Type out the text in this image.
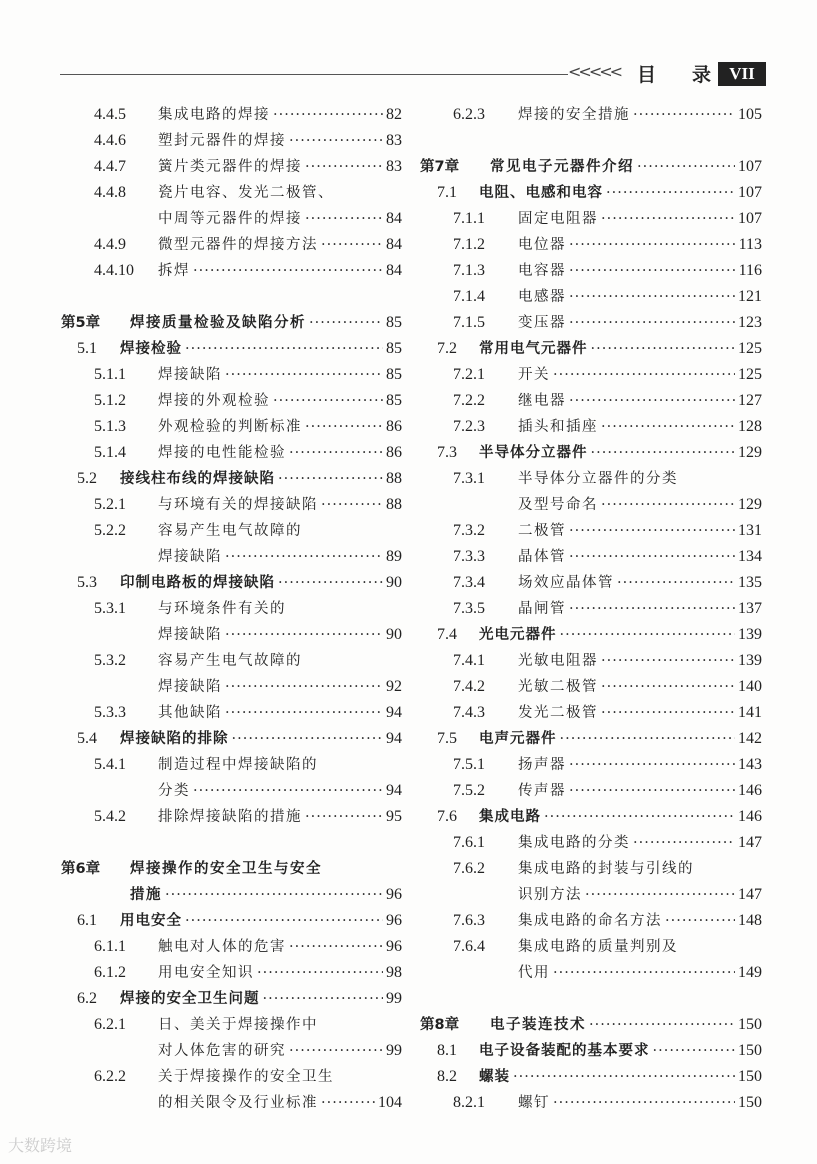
<<<<< 目 录	VII
4.4.5	集成电路的焊接 ·····	82
4.4.6	塑封元器件的焊接 ·····	83
4.4.7	簧片类元器件的焊接 ·····	83
4.4.8	瓷片电容、发光二极管、
中周等元器件的焊接 ·····	84
4.4.9	微型元器件的焊接方法 ·····	84
4.4.10	拆焊 ·····	84
第5章	焊接质量检验及缺陷分析 ·····	85
5.1	焊接检验 ·····	85
5.1.1	焊接缺陷 ·····	85
5.1.2	焊接的外观检验 ·····	85
5.1.3	外观检验的判断标准 ·····	86
5.1.4	焊接的电性能检验 ·····	86
5.2	接线柱布线的焊接缺陷 ·····	88
5.2.1	与环境有关的焊接缺陷 ·····	88
5.2.2	容易产生电气故障的
焊接缺陷 ·····	89
5.3	印制电路板的焊接缺陷 ·····	90
5.3.1	与环境条件有关的
焊接缺陷 ·····	90
5.3.2	容易产生电气故障的
焊接缺陷 ·····	92
5.3.3	其他缺陷 ·····	94
5.4	焊接缺陷的排除 ·····	94
5.4.1	制造过程中焊接缺陷的
分类 ·····	94
5.4.2	排除焊接缺陷的措施 ·····	95
第6章	焊接操作的安全卫生与安全
措施 ·····	96
6.1	用电安全 ·····	96
6.1.1	触电对人体的危害 ·····	96
6.1.2	用电安全知识 ·····	98
6.2	焊接的安全卫生问题 ·····	99
6.2.1	日、美关于焊接操作中
对人体危害的研究 ·····	99
6.2.2	关于焊接操作的安全卫生
的相关限令及行业标准 ·····	104
6.2.3	焊接的安全措施 ·····	105
第7章	常见电子元器件介绍 ·····	107
7.1	电阻、电感和电容 ·····	107
7.1.1	固定电阻器 ·····	107
7.1.2	电位器 ·····	113
7.1.3	电容器 ·····	116
7.1.4	电感器 ·····	121
7.1.5	变压器 ·····	123
7.2	常用电气元器件 ·····	125
7.2.1	开关 ·····	125
7.2.2	继电器 ·····	127
7.2.3	插头和插座 ·····	128
7.3	半导体分立器件 ·····	129
7.3.1	半导体分立器件的分类
及型号命名 ·····	129
7.3.2	二极管 ·····	131
7.3.3	晶体管 ·····	134
7.3.4	场效应晶体管 ·····	135
7.3.5	晶闸管 ·····	137
7.4	光电元器件 ·····	139
7.4.1	光敏电阻器 ·····	139
7.4.2	光敏二极管 ·····	140
7.4.3	发光二极管 ·····	141
7.5	电声元器件 ·····	142
7.5.1	扬声器 ·····	143
7.5.2	传声器 ·····	146
7.6	集成电路 ·····	146
7.6.1	集成电路的分类 ·····	147
7.6.2	集成电路的封装与引线的
识别方法 ·····	147
7.6.3	集成电路的命名方法 ·····	148
7.6.4	集成电路的质量判别及
代用 ·····	149
第8章	电子装连技术 ·····	150
8.1	电子设备装配的基本要求 ·····	150
8.2	螺装 ·····	150
8.2.1	螺钉 ·····	150
大数跨境
